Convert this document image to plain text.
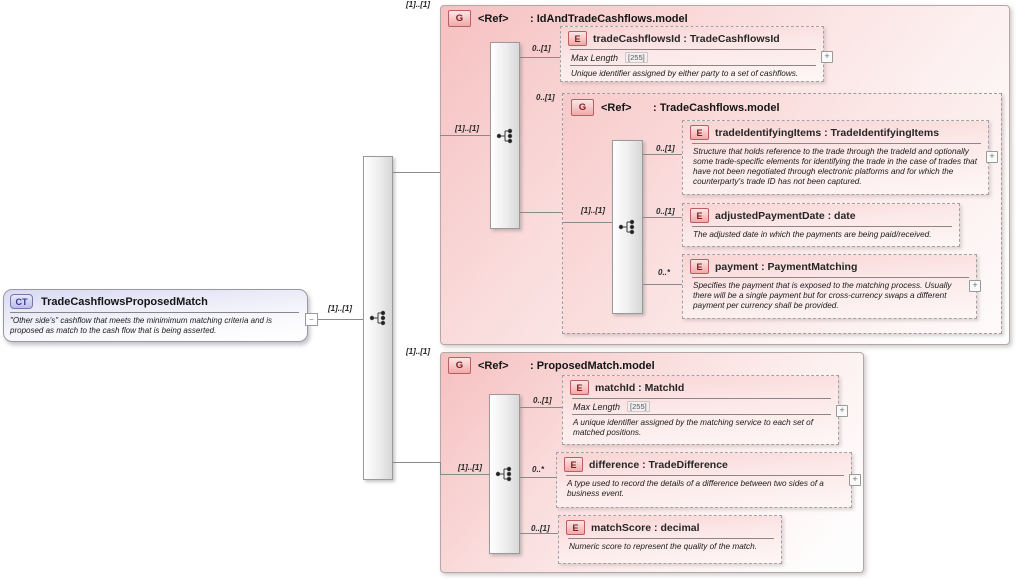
G	<Ref>	: IdAndTradeCashflows.model
G	<Ref>	: TradeCashflows.model
G	<Ref>	: ProposedMatch.model
[1]..[1]
[1]..[1]
[1]..[1]
0..[1]
0..[1]
[1]..[1]
0..[1]
0..[1]
0..*
[1]..[1]
[1]..[1]
0..[1]
0..*
0..[1]
CT	TradeCashflowsProposedMatch
"Other side's" cashflow that meets the minimimum matching criteria and is proposed as match to the cash flow that is being asserted.
−
E	tradeCashflowsId : TradeCashflowsId
Max Length	[255]
Unique identifier assigned by either party to a set of cashflows.
+
E	tradeIdentifyingItems : TradeIdentifyingItems
Structure that holds reference to the trade through the tradeId and optionally some trade-specific elements for identifying the trade in the case of trades that have not been negotiated through electronic platforms and for which the counterparty's trade ID has not been captured.
+
E	adjustedPaymentDate : date
The adjusted date in which the payments are being paid/received.
E	payment : PaymentMatching
Specifies the payment that is exposed to the matching process. Usually there will be a single payment but for cross-currency swaps a different payment per currency shall be provided.
+
E	matchId : MatchId
Max Length	[255]
A unique identifier assigned by the matching service to each set of matched positions.
+
E	difference : TradeDifference
A type used to record the details of a difference between two sides of a business event.
+
E	matchScore : decimal
Numeric score to represent the quality of the match.
